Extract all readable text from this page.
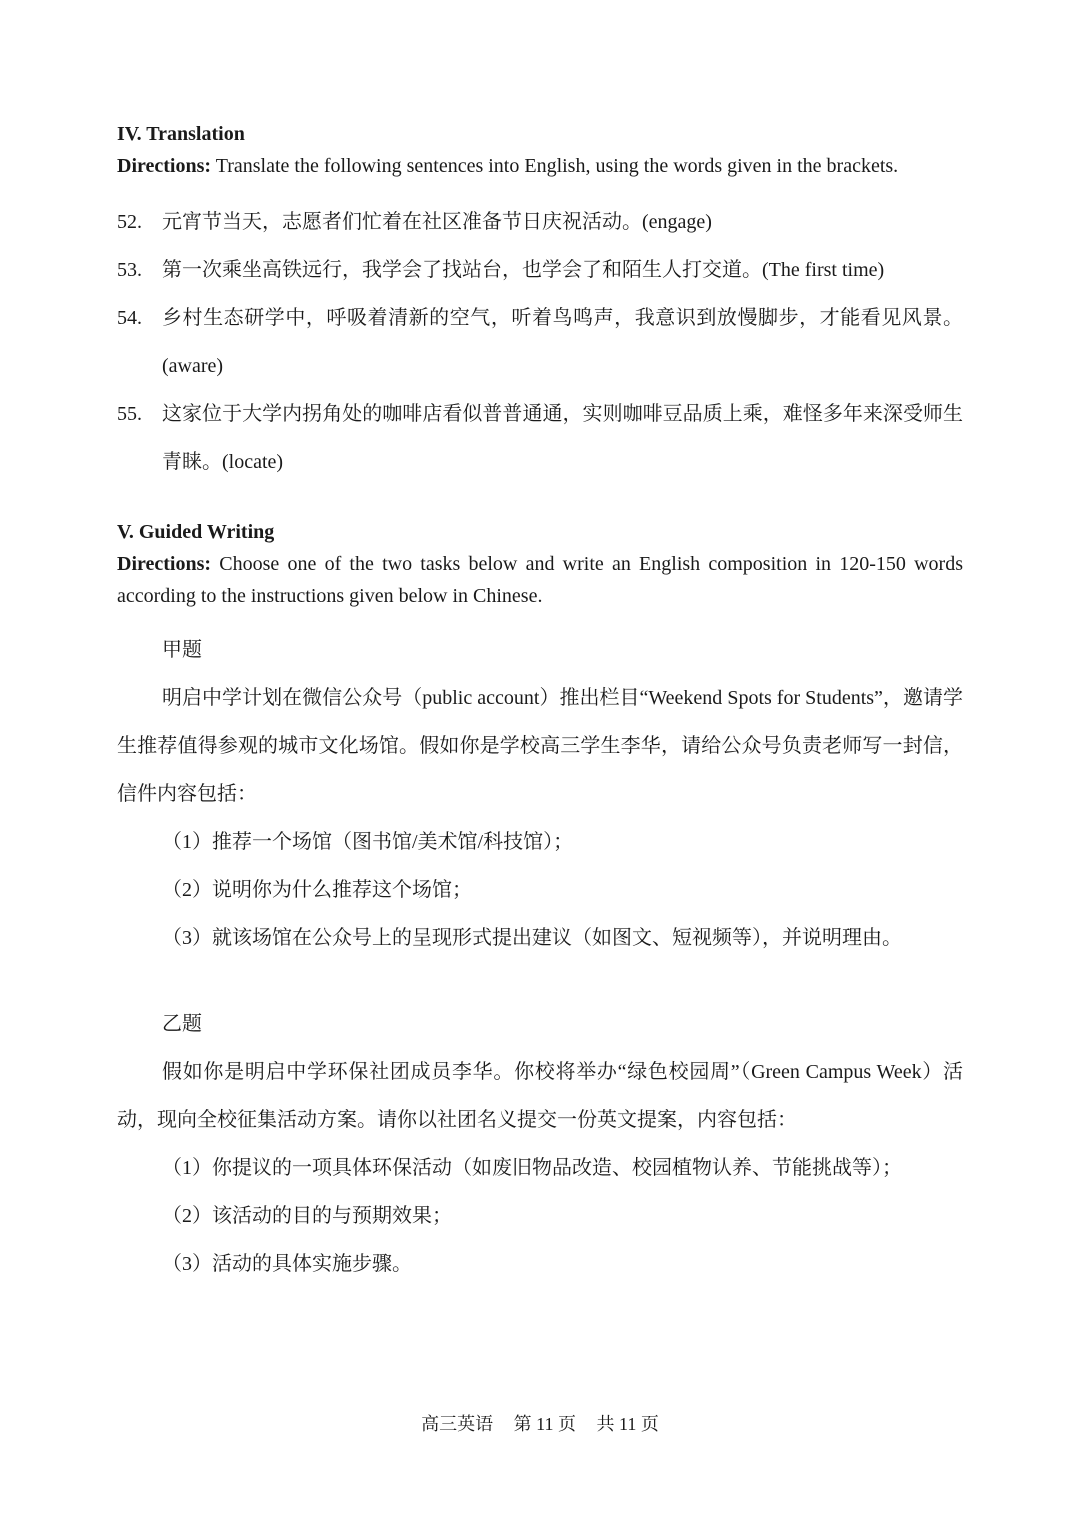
IV. Translation

Directions: Translate the following sentences into English, using the words given in the brackets.

52.	元宵节当天，志愿者们忙着在社区准备节日庆祝活动。(engage)
53.	第一次乘坐高铁远行，我学会了找站台，也学会了和陌生人打交道。(The first time)
54.	乡村生态研学中，呼吸着清新的空气，听着鸟鸣声，我意识到放慢脚步，才能看见风景。(aware)
55.	这家位于大学内拐角处的咖啡店看似普普通通，实则咖啡豆品质上乘，难怪多年来深受师生青睐。(locate)

V. Guided Writing

Directions: Choose one of the two tasks below and write an English composition in 120-150 words according to the instructions given below in Chinese.

甲题

明启中学计划在微信公众号（public account）推出栏目“Weekend Spots for Students”，邀请学生推荐值得参观的城市文化场馆。假如你是学校高三学生李华，请给公众号负责老师写一封信，信件内容包括：

（1）推荐一个场馆（图书馆/美术馆/科技馆）；
（2）说明你为什么推荐这个场馆；
（3）就该场馆在公众号上的呈现形式提出建议（如图文、短视频等），并说明理由。
乙题

假如你是明启中学环保社团成员李华。你校将举办“绿色校园周”（Green Campus Week）活动，现向全校征集活动方案。请你以社团名义提交一份英文提案，内容包括：

（1）你提议的一项具体环保活动（如废旧物品改造、校园植物认养、节能挑战等）；
（2）该活动的目的与预期效果；
（3）活动的具体实施步骤。
高三英语 第 11 页 共 11 页
